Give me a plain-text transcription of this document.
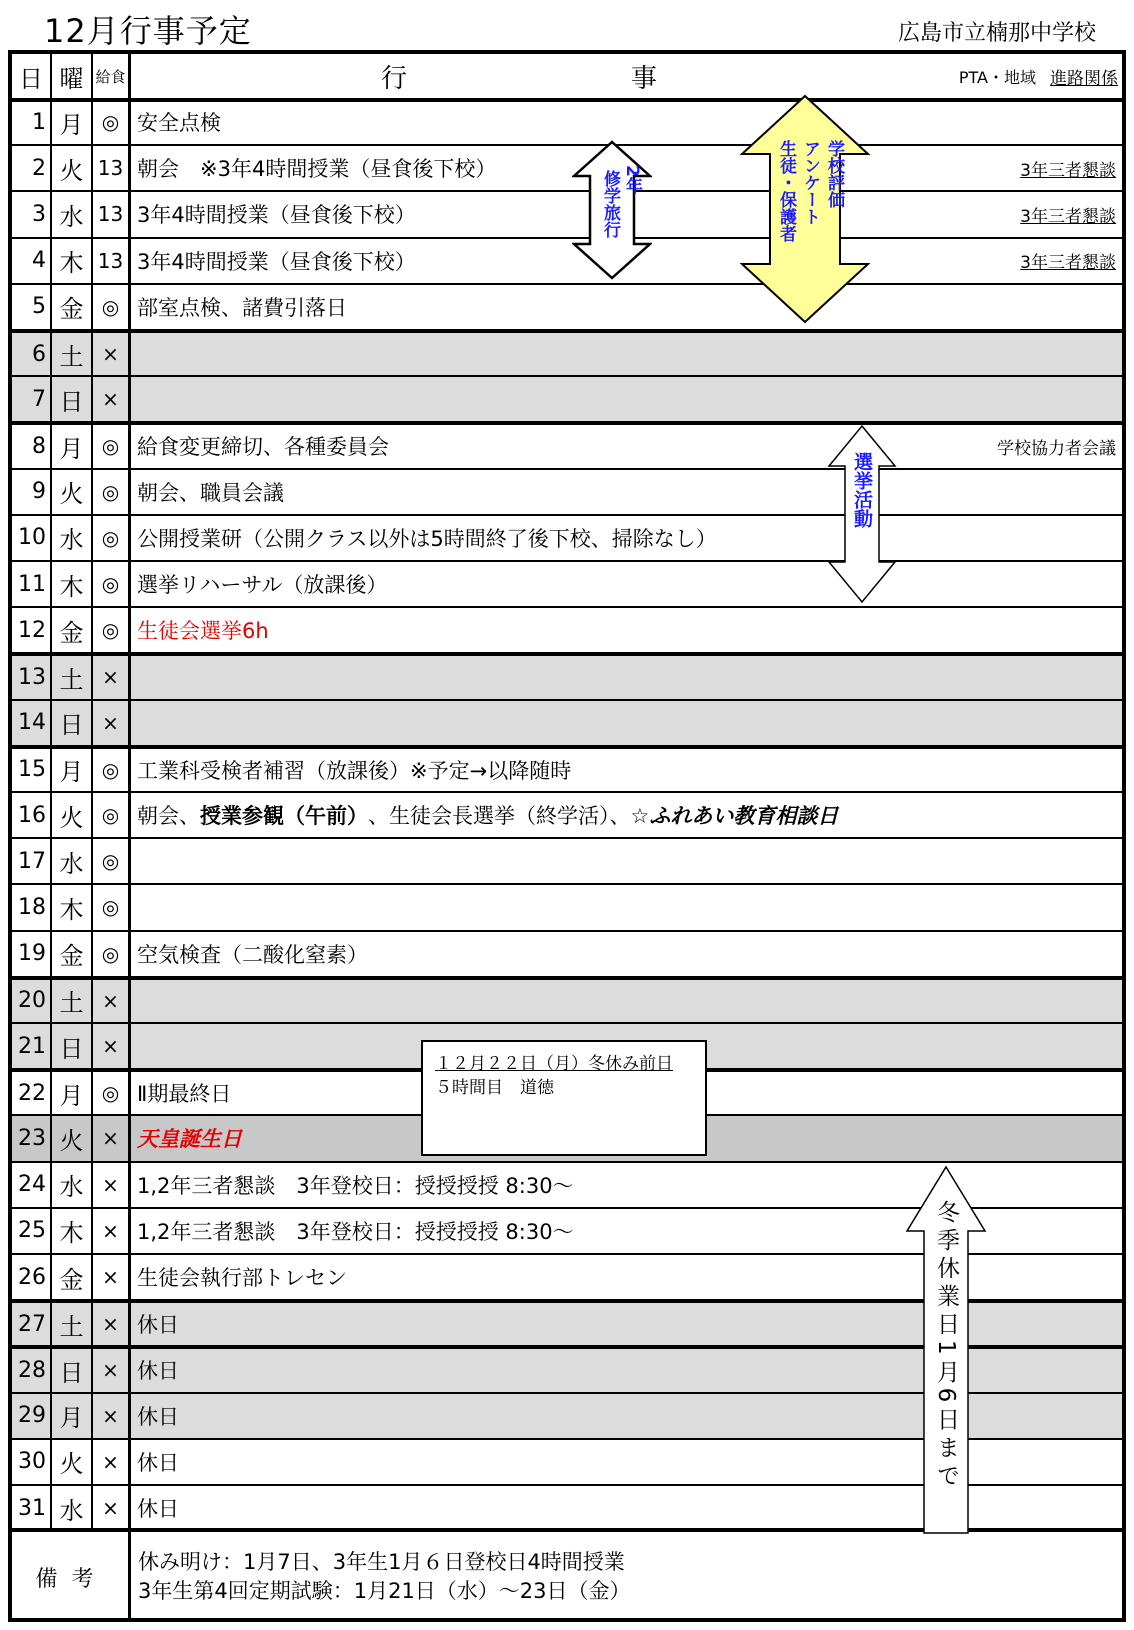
12月行事予定	広島市立楠那中学校
日 曜 給食	行	事	PTA・地域 進路関係
1 月 ◎ 安全点検
2 火 13 朝会　※3年4時間授業（昼食後下校）	3年三者懇談
3 水 13 3年4時間授業（昼食後下校）	3年三者懇談
4 木 13 3年4時間授業（昼食後下校）	3年三者懇談
5 金 ◎ 部室点検、諸費引落日
6 土 ×
7 日 ×
8 月 ◎ 給食変更締切、各種委員会	学校協力者会議
9 火 ◎ 朝会、職員会議
10 水 ◎ 公開授業研（公開クラス以外は5時間終了後下校、掃除なし）
11 木 ◎ 選挙リハーサル（放課後）
12 金 ◎ 生徒会選挙6h
13 土 ×
14 日 ×
15 月 ◎ 工業科受検者補習（放課後）※予定→以降随時
16 火 ◎ 朝会、 授業参観（午前） 、生徒会長選挙（終学活）、 ☆ふれあい教育相談日
17 水 ◎
18 木 ◎
19 金 ◎ 空気検査（二酸化窒素）
20 土 ×
21 日 ×
22 月 ◎ Ⅱ期最終日
23 火 × 天皇誕生日
24 水 × 1,2年三者懇談　3年登校日：授授授授 8:30～
25 木 × 1,2年三者懇談　3年登校日：授授授授 8:30～
26 金 × 生徒会執行部トレセン
27 土 × 休日
28 日 × 休日
29 月 × 休日
30 火 × 休日
31 水 × 休日
備考
休み明け：1月7日、3年生1月６日登校日4時間授業
3年生第4回定期試験：1月21日（水）～23日（金）
修学旅行 2年	生徒・保護者 アンケート 学校評価
選挙活動
冬季休業日1月6日まで
１２月２２日（月）冬休み前日
５時間目　道徳
